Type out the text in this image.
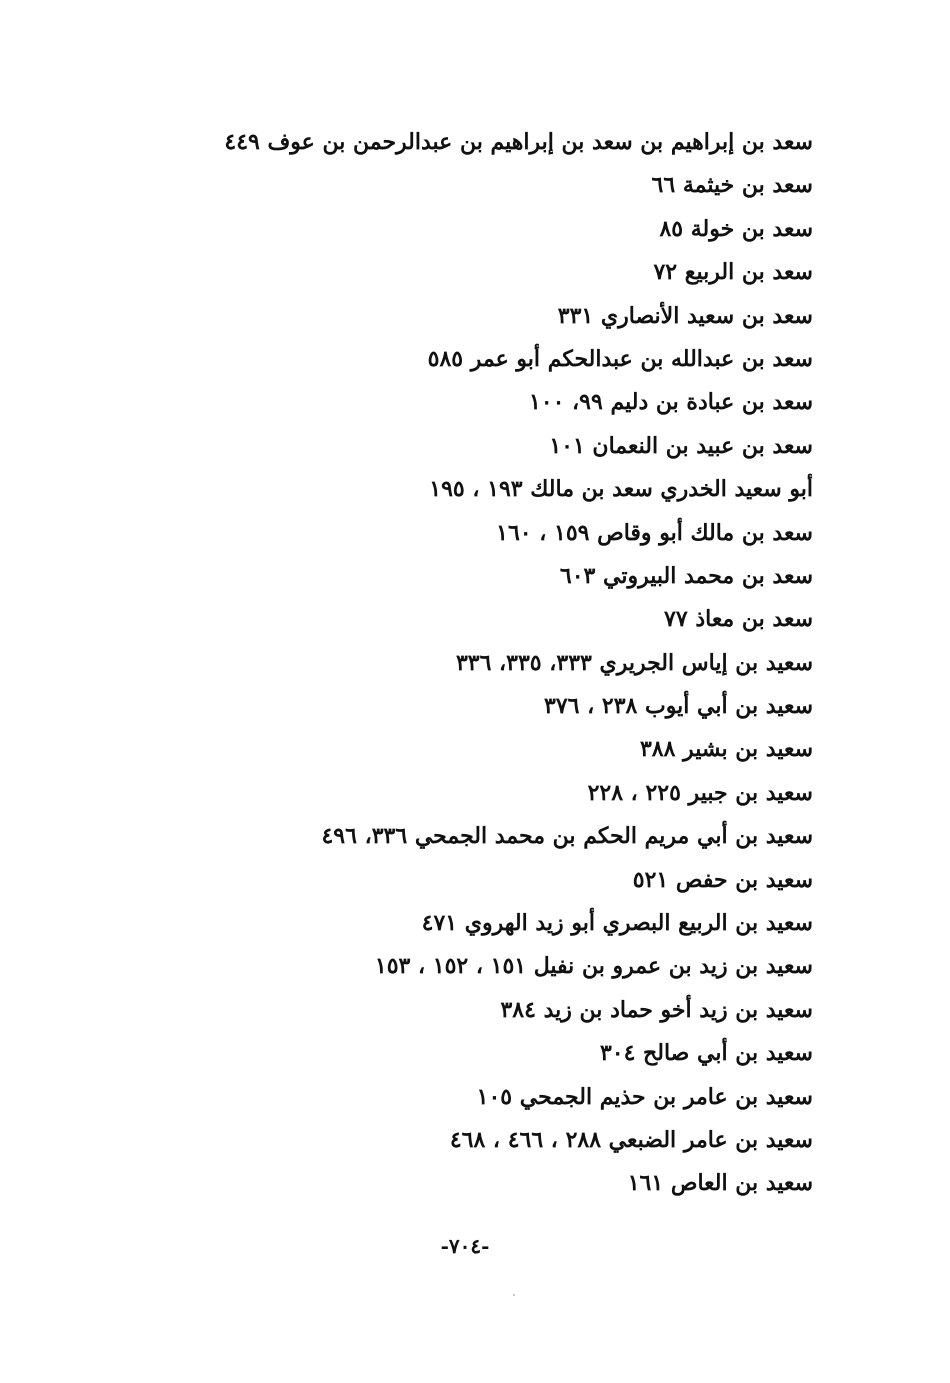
سعد بن إبراهيم بن سعد بن إبراهيم بن عبدالرحمن بن عوف ٤٤٩
سعد بن خيثمة ٦٦
سعد بن خولة ٨٥
سعد بن الربيع ٧٢
سعد بن سعيد الأنصاري ٣٣١
سعد بن عبدالله بن عبدالحكم أبو عمر ٥٨٥
سعد بن عبادة بن دليم ٩٩، ١٠٠
سعد بن عبيد بن النعمان ١٠١
أبو سعيد الخدري سعد بن مالك ١٩٣ ، ١٩٥
سعد بن مالك أبو وقاص ١٥٩ ، ١٦٠
سعد بن محمد البيروتي ٦٠٣
سعد بن معاذ ٧٧
سعيد بن إياس الجريري ٣٣٣، ٣٣٥، ٣٣٦
سعيد بن أبي أيوب ٢٣٨ ، ٣٧٦
سعيد بن بشير ٣٨٨
سعيد بن جبير ٢٢٥ ، ٢٢٨
سعيد بن أبي مريم الحكم بن محمد الجمحي ٣٣٦، ٤٩٦
سعيد بن حفص ٥٢١
سعيد بن الربيع البصري أبو زيد الهروي ٤٧١
سعيد بن زيد بن عمرو بن نفيل ١٥١ ، ١٥٢ ، ١٥٣
سعيد بن زيد أخو حماد بن زيد ٣٨٤
سعيد بن أبي صالح ٣٠٤
سعيد بن عامر بن حذيم الجمحي ١٠٥
سعيد بن عامر الضبعي ٢٨٨ ، ٤٦٦ ، ٤٦٨
سعيد بن العاص ١٦١
-٧٠٤-
